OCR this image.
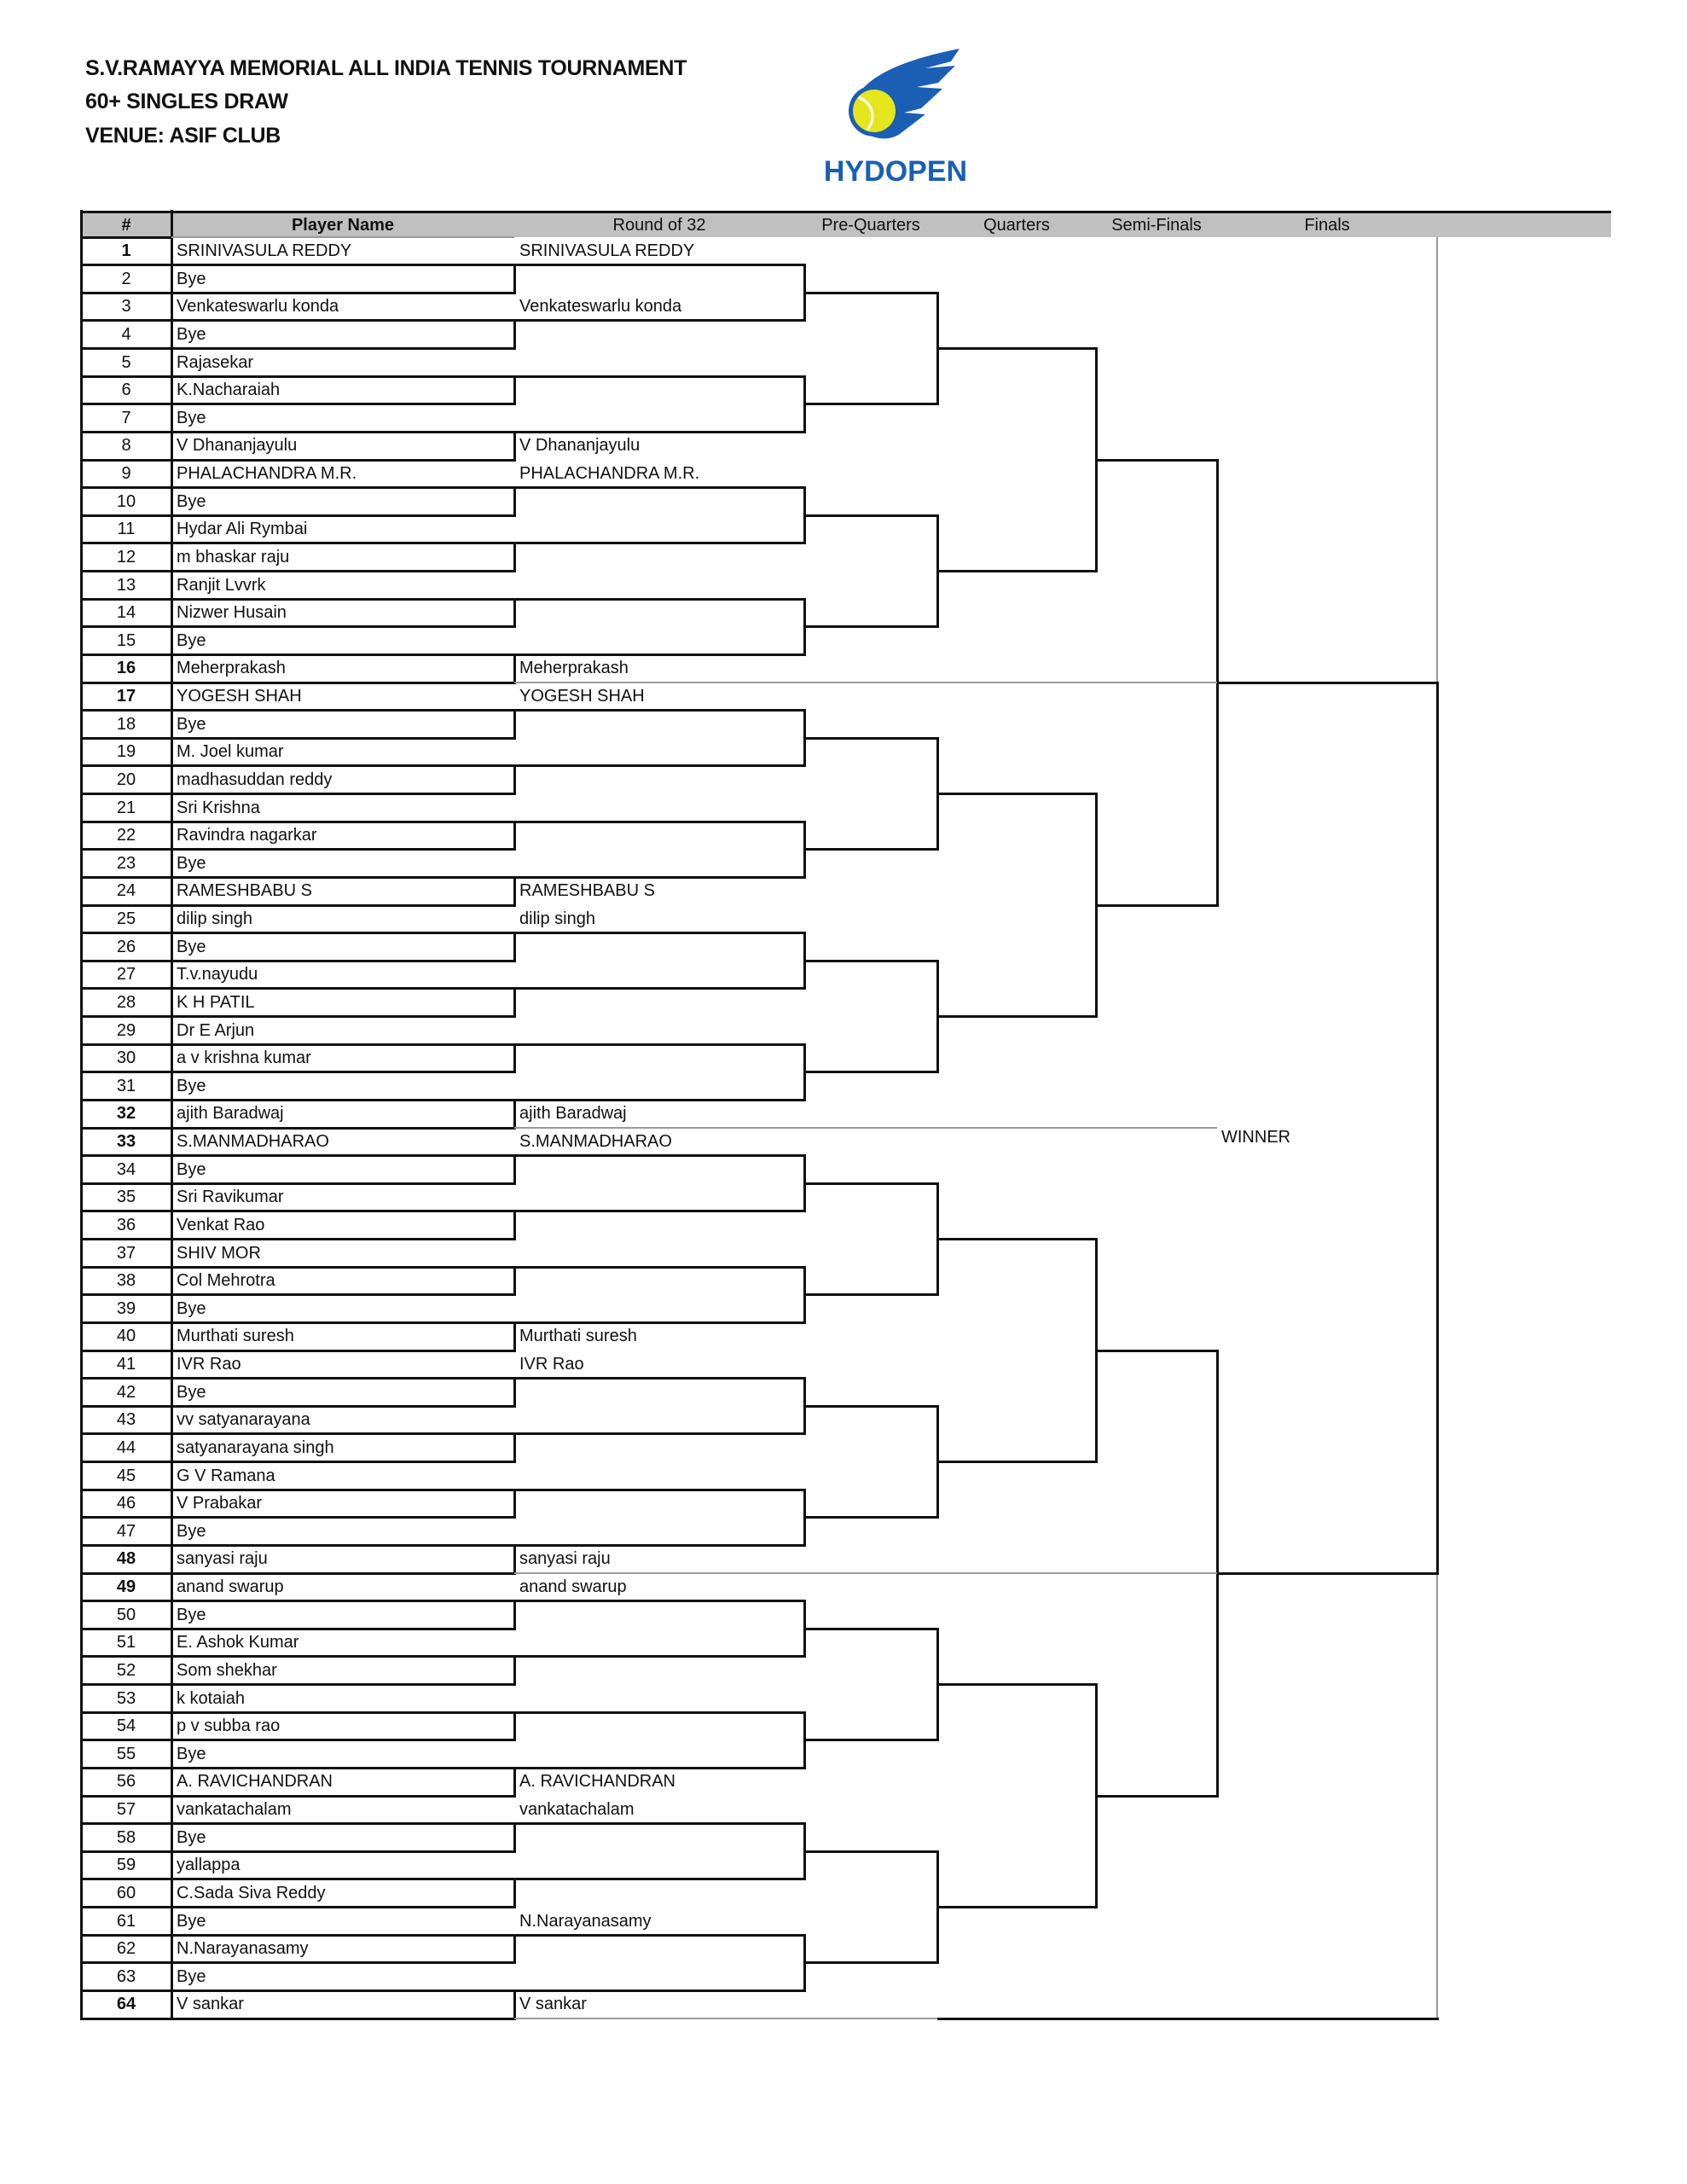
S.V.RAMAYYA MEMORIAL ALL INDIA TENNIS TOURNAMENT
60+ SINGLES DRAW
VENUE: ASIF CLUB
HYDOPEN
#	Player Name	Round of 32	Pre-Quarters	Quarters	Semi-Finals	Finals
1	SRINIVASULA REDDY	SRINIVASULA REDDY
2	Bye
3	Venkateswarlu konda	Venkateswarlu konda
4	Bye
5	Rajasekar
6	K.Nacharaiah
7	Bye
8	V Dhananjayulu	V Dhananjayulu
9	PHALACHANDRA M.R.	PHALACHANDRA M.R.
10	Bye
11	Hydar Ali Rymbai
12	m bhaskar raju
13	Ranjit Lvvrk
14	Nizwer Husain
15	Bye
16	Meherprakash	Meherprakash
17	YOGESH SHAH	YOGESH SHAH
18	Bye
19	M. Joel kumar
20	madhasuddan reddy
21	Sri Krishna
22	Ravindra nagarkar
23	Bye
24	RAMESHBABU S	RAMESHBABU S
25	dilip singh	dilip singh
26	Bye
27	T.v.nayudu
28	K H PATIL
29	Dr E Arjun
30	a v krishna kumar
31	Bye
32	ajith Baradwaj	ajith Baradwaj
33	S.MANMADHARAO	S.MANMADHARAO
34	Bye
35	Sri Ravikumar
36	Venkat Rao
37	SHIV MOR
38	Col Mehrotra
39	Bye
40	Murthati suresh	Murthati suresh
41	IVR Rao	IVR Rao
42	Bye
43	vv satyanarayana
44	satyanarayana singh
45	G V Ramana
46	V Prabakar
47	Bye
48	sanyasi raju	sanyasi raju
49	anand swarup	anand swarup
50	Bye
51	E. Ashok Kumar
52	Som shekhar
53	k kotaiah
54	p v subba rao
55	Bye
56	A. RAVICHANDRAN	A. RAVICHANDRAN
57	vankatachalam	vankatachalam
58	Bye
59	yallappa
60	C.Sada Siva Reddy
61	Bye	N.Narayanasamy
62	N.Narayanasamy
63	Bye
64	V sankar	V sankar
WINNER
